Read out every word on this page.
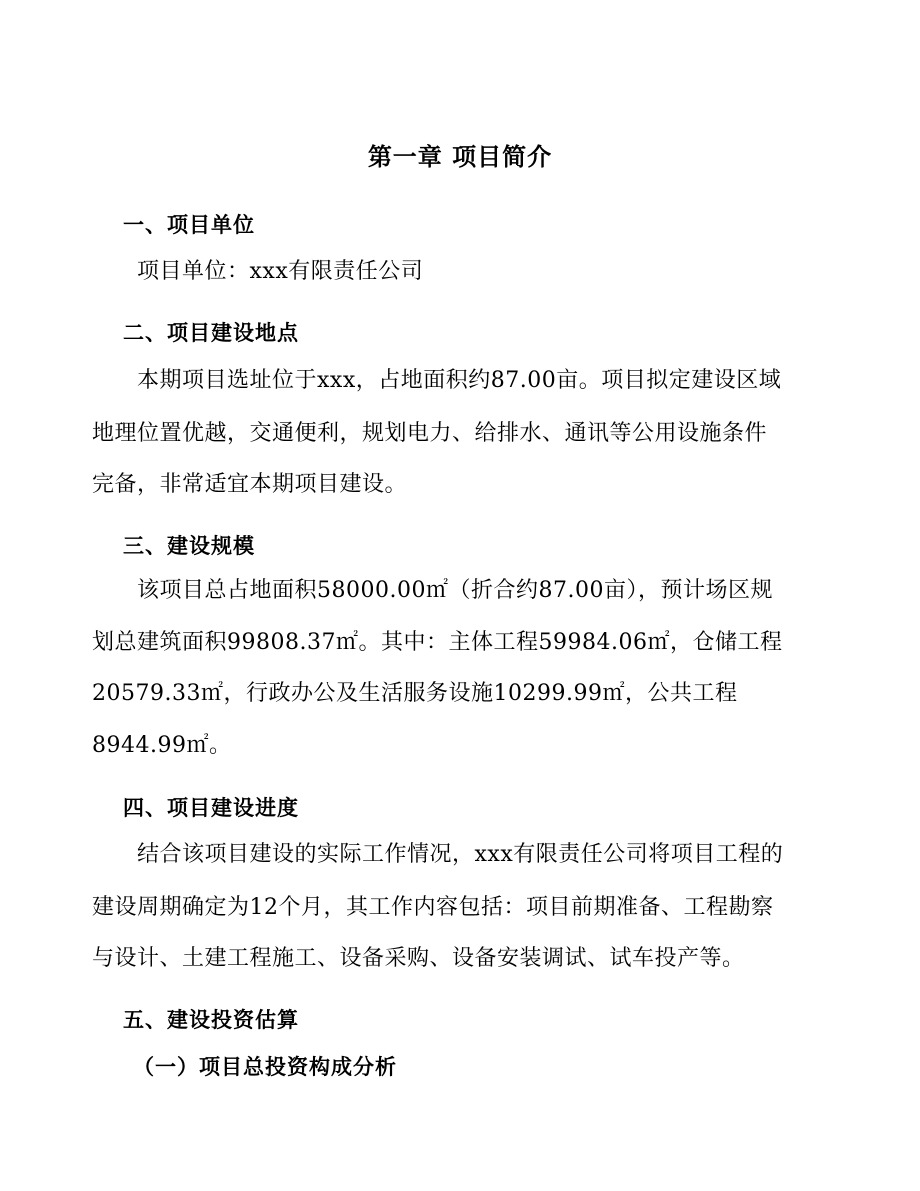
第一章 项目简介
一、项目单位
项目单位：xxx有限责任公司
二、项目建设地点
本期项目选址位于xxx，占地面积约87.00亩。项目拟定建设区域
地理位置优越，交通便利，规划电力、给排水、通讯等公用设施条件
完备，非常适宜本期项目建设。
三、建设规模
该项目总占地面积58000.00㎡（折合约87.00亩），预计场区规
划总建筑面积99808.37㎡。其中：主体工程59984.06㎡，仓储工程
20579.33㎡，行政办公及生活服务设施10299.99㎡，公共工程
8944.99㎡。
四、项目建设进度
结合该项目建设的实际工作情况，xxx有限责任公司将项目工程的
建设周期确定为12个月，其工作内容包括：项目前期准备、工程勘察
与设计、土建工程施工、设备采购、设备安装调试、试车投产等。
五、建设投资估算
（一）项目总投资构成分析
